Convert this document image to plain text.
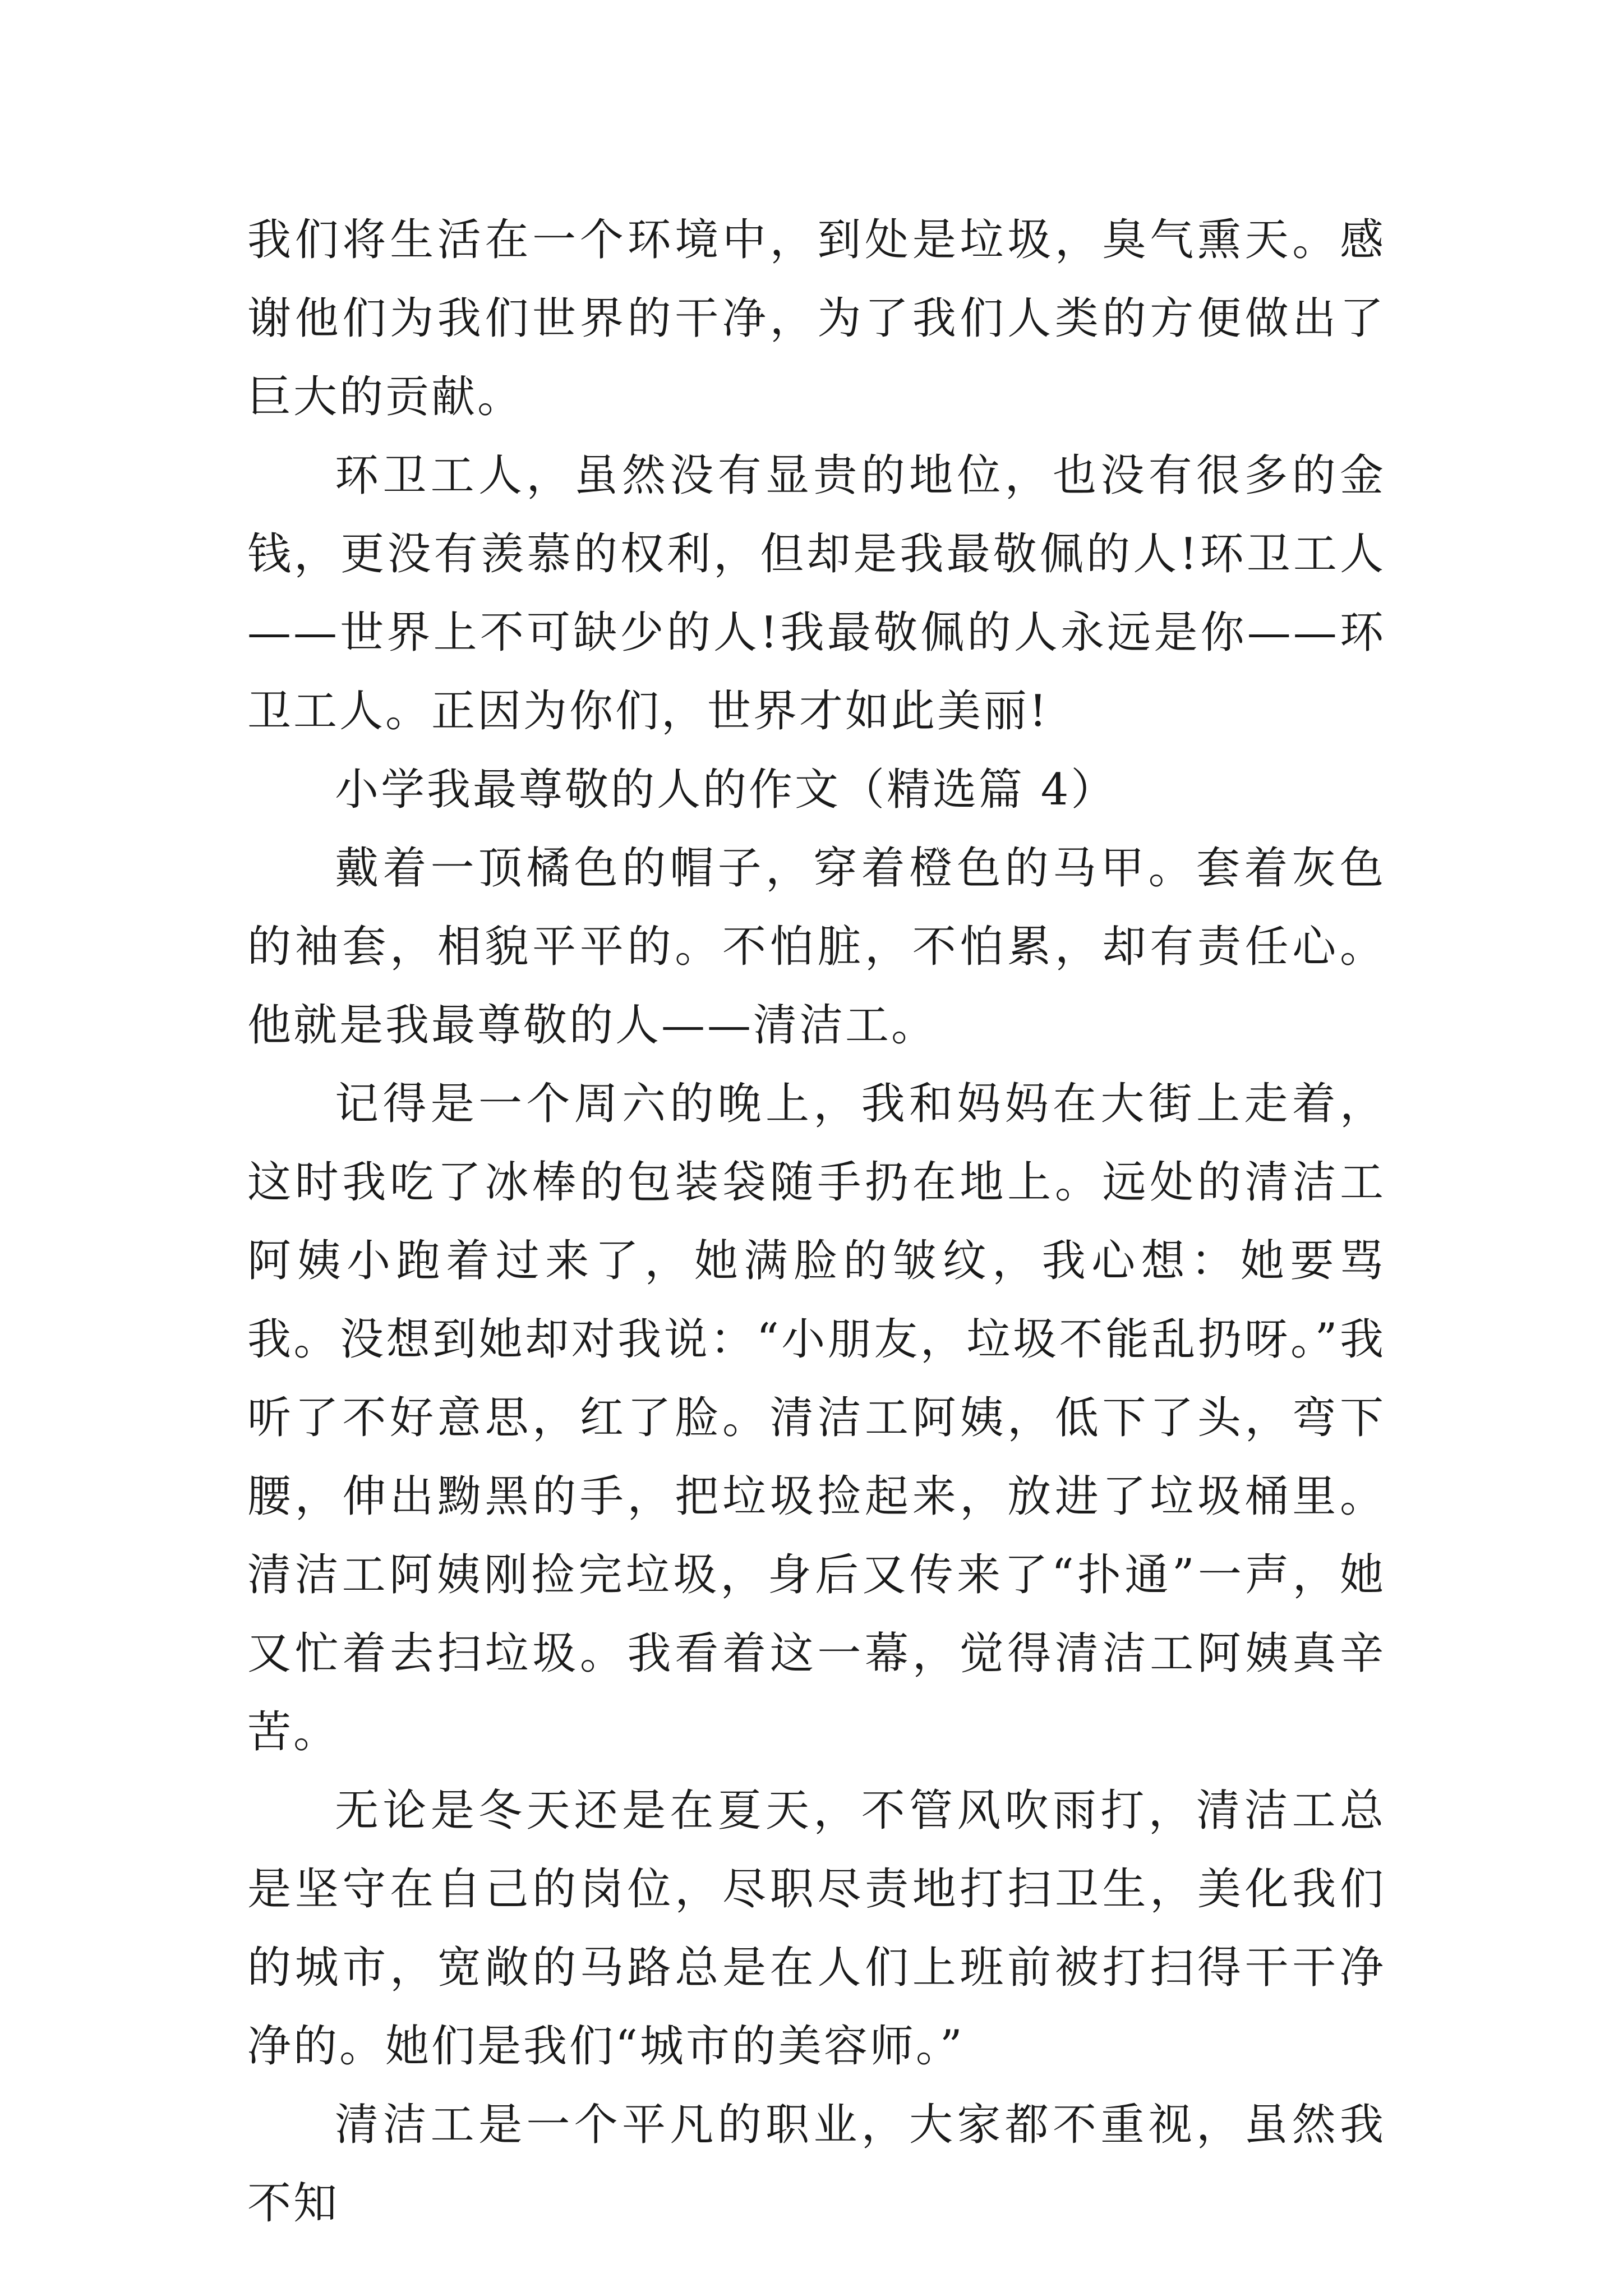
我们将生活在一个环境中，到处是垃圾，臭气熏天。感谢他们为我们世界的干净，为了我们人类的方便做出了巨大的贡献。

环卫工人，虽然没有显贵的地位，也没有很多的金钱，更没有羡慕的权利，但却是我最敬佩的人!环卫工人——世界上不可缺少的人!我最敬佩的人永远是你——环卫工人。正因为你们，世界才如此美丽!

小学我最尊敬的人的作文（精选篇 4）

戴着一顶橘色的帽子，穿着橙色的马甲。套着灰色的袖套，相貌平平的。不怕脏，不怕累，却有责任心。他就是我最尊敬的人——清洁工。

记得是一个周六的晚上，我和妈妈在大街上走着，这时我吃了冰棒的包装袋随手扔在地上。远处的清洁工阿姨小跑着过来了，她满脸的皱纹，我心想：她要骂我。没想到她却对我说：“小朋友，垃圾不能乱扔呀。”我听了不好意思，红了脸。清洁工阿姨，低下了头，弯下腰，伸出黝黑的手，把垃圾捡起来，放进了垃圾桶里。清洁工阿姨刚捡完垃圾，身后又传来了“扑通”一声，她又忙着去扫垃圾。我看着这一幕，觉得清洁工阿姨真辛苦。

无论是冬天还是在夏天，不管风吹雨打，清洁工总是坚守在自己的岗位，尽职尽责地打扫卫生，美化我们的城市，宽敞的马路总是在人们上班前被打扫得干干净净的。她们是我们“城市的美容师。”

清洁工是一个平凡的职业，大家都不重视，虽然我不知
